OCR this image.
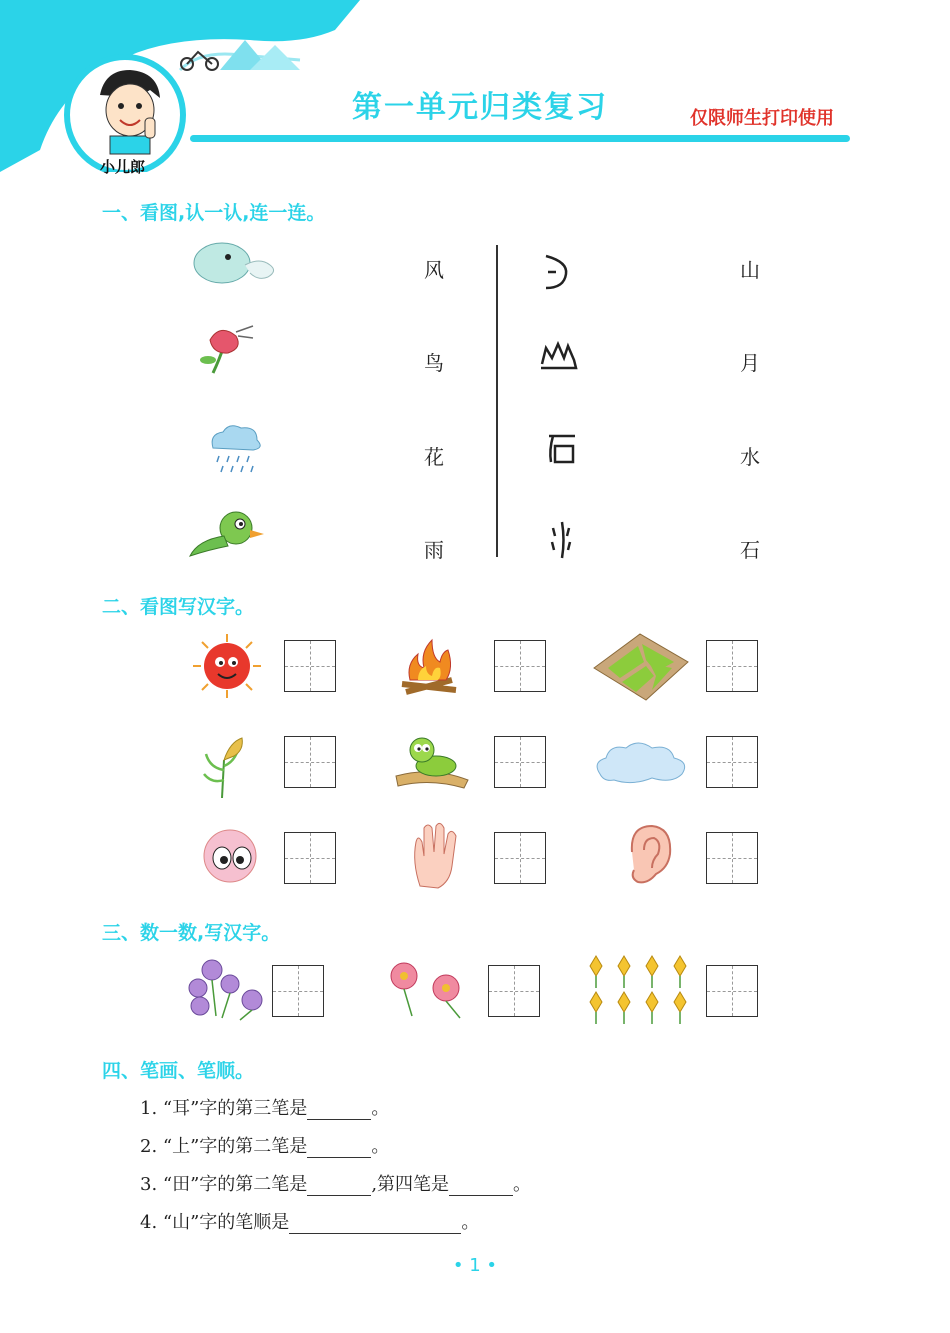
小儿郎
第一单元归类复习	仅限师生打印使用
一、看图,认一认,连一连。
风
鸟
花
雨
山
月
水
石
二、看图写汉字。
三、数一数,写汉字。
四、笔画、笔顺。
1. “耳”字的第三笔是	。
2. “上”字的第二笔是	。
3. “田”字的第二笔是	,第四笔是	。
4. “山”字的笔顺是	。
• 1 •
